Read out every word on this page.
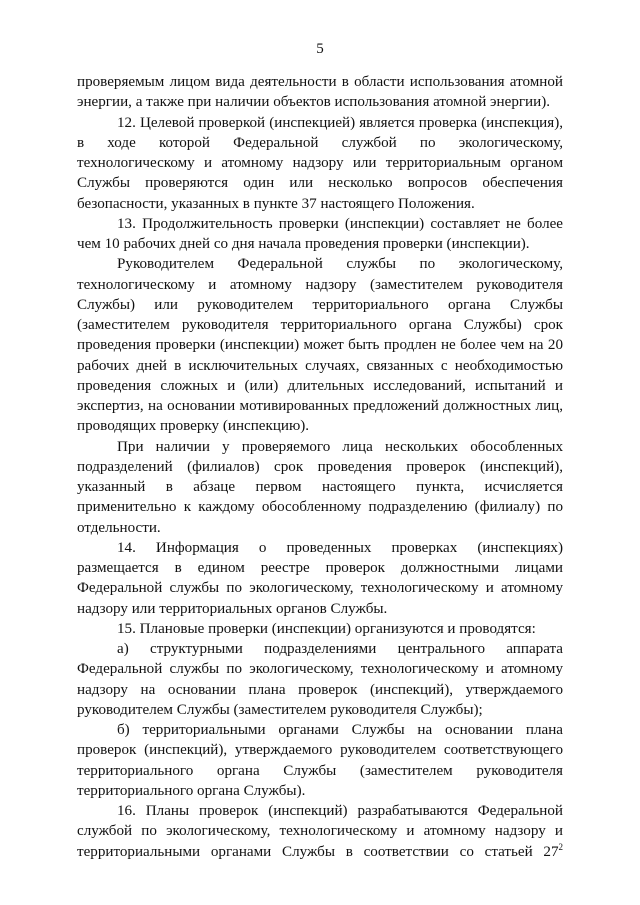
5

проверяемым лицом вида деятельности в области использования атомной энергии, а также при наличии объектов использования атомной энергии).

12. Целевой проверкой (инспекцией) является проверка (инспекция), в ходе которой Федеральной службой по экологическому, технологическому и атомному надзору или территориальным органом Службы проверяются один или несколько вопросов обеспечения безопасности, указанных в пункте 37 настоящего Положения.

13. Продолжительность проверки (инспекции) составляет не более чем 10 рабочих дней со дня начала проведения проверки (инспекции).

Руководителем Федеральной службы по экологическому, технологическому и атомному надзору (заместителем руководителя Службы) или руководителем территориального органа Службы (заместителем руководителя территориального органа Службы) срок проведения проверки (инспекции) может быть продлен не более чем на 20 рабочих дней в исключительных случаях, связанных с необходимостью проведения сложных и (или) длительных исследований, испытаний и экспертиз, на основании мотивированных предложений должностных лиц, проводящих проверку (инспекцию).

При наличии у проверяемого лица нескольких обособленных подразделений (филиалов) срок проведения проверок (инспекций), указанный в абзаце первом настоящего пункта, исчисляется применительно к каждому обособленному подразделению (филиалу) по отдельности.

14. Информация о проведенных проверках (инспекциях) размещается в едином реестре проверок должностными лицами Федеральной службы по экологическому, технологическому и атомному надзору или территориальных органов Службы.

15. Плановые проверки (инспекции) организуются и проводятся:

а) структурными подразделениями центрального аппарата Федеральной службы по экологическому, технологическому и атомному надзору на основании плана проверок (инспекций), утверждаемого руководителем Службы (заместителем руководителя Службы);

б) территориальными органами Службы на основании плана проверок (инспекций), утверждаемого руководителем соответствующего территориального органа Службы (заместителем руководителя территориального органа Службы).

16. Планы проверок (инспекций) разрабатываются Федеральной службой по экологическому, технологическому и атомному надзору и территориальными органами Службы в соответствии со статьей $27^2$
